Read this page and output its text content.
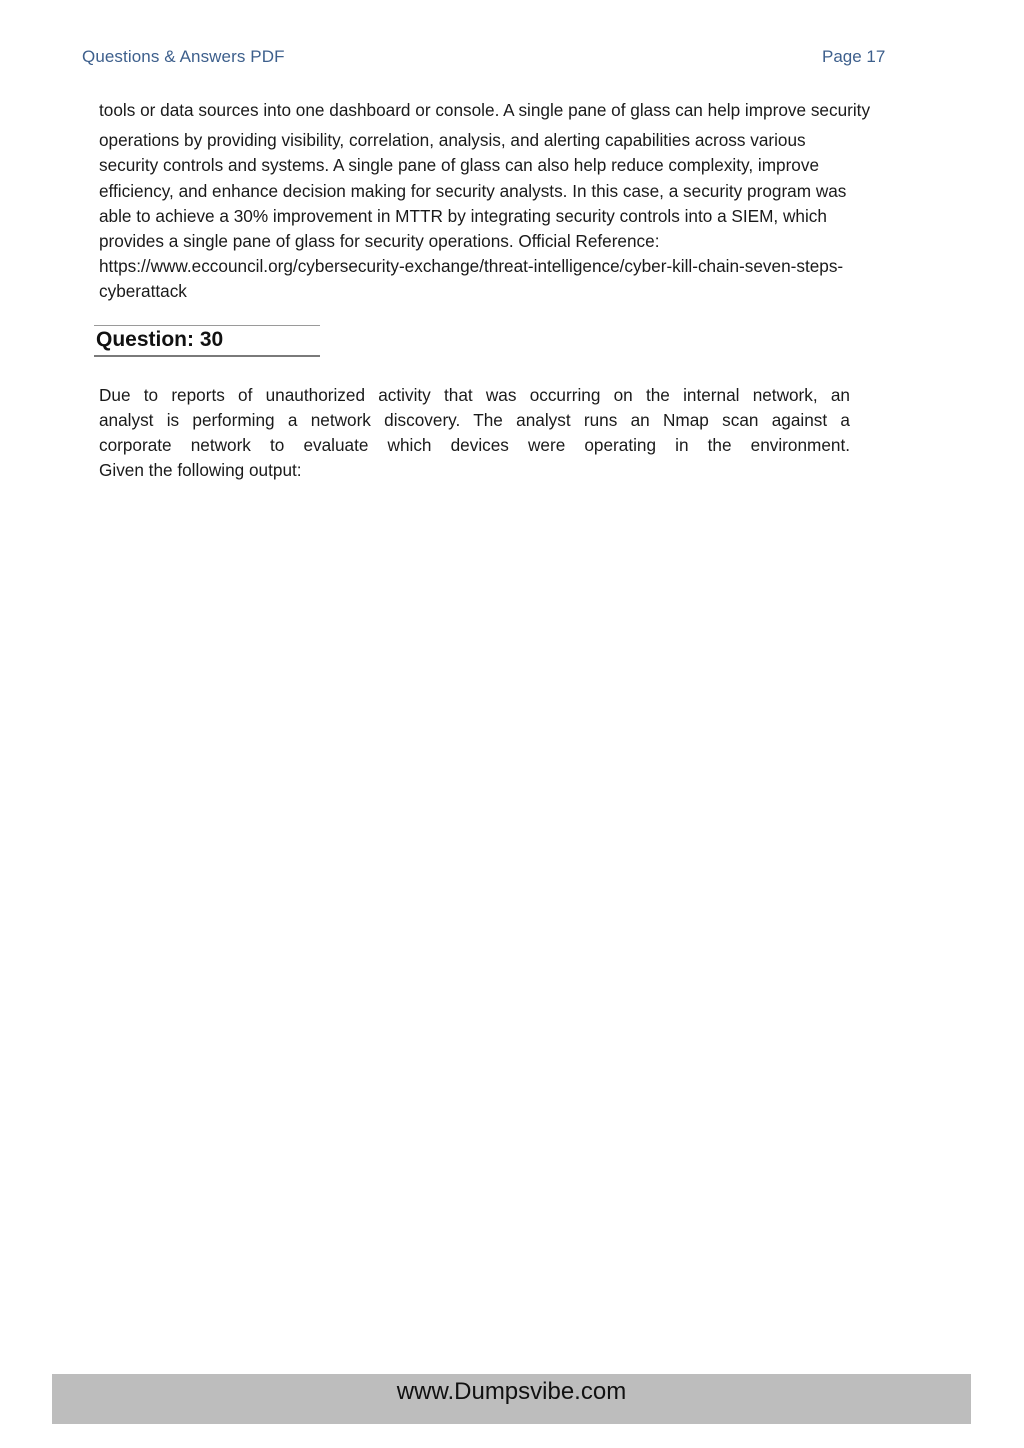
Questions & Answers PDF	Page 17
tools or data sources into one dashboard or console. A single pane of glass can help improve security
operations by providing visibility, correlation, analysis, and alerting capabilities across various
security controls and systems. A single pane of glass can also help reduce complexity, improve
efficiency, and enhance decision making for security analysts. In this case, a security program was
able to achieve a 30% improvement in MTTR by integrating security controls into a SIEM, which
provides a single pane of glass for security operations. Official Reference:
https://www.eccouncil.org/cybersecurity-exchange/threat-intelligence/cyber-kill-chain-seven-steps-
cyberattack
Question: 30
Due to reports of unauthorized activity that was occurring on the internal network, an
analyst is performing a network discovery. The analyst runs an Nmap scan against a
corporate network to evaluate which devices were operating in the environment.
Given the following output:
www.Dumpsvibe.com
